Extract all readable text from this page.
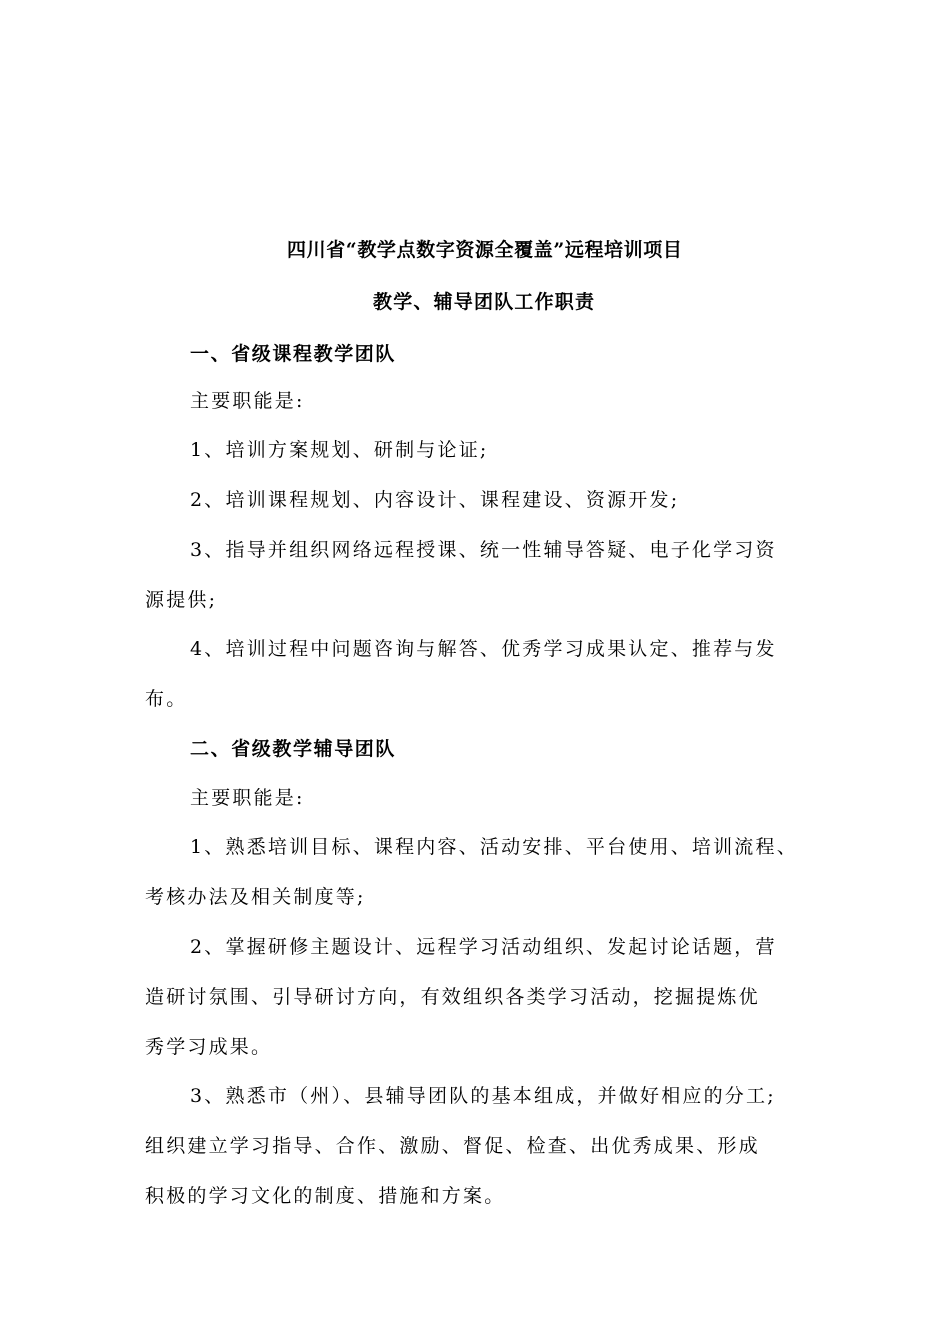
四川省“教学点数字资源全覆盖”远程培训项目
教学、辅导团队工作职责
一、省级课程教学团队
主要职能是:
1、培训方案规划、研制与论证;
2、培训课程规划、内容设计、课程建设、资源开发;
3、指导并组织网络远程授课、统一性辅导答疑、电子化学习资
源提供;
4、培训过程中问题咨询与解答、优秀学习成果认定、推荐与发
布。
二、省级教学辅导团队
主要职能是:
1、熟悉培训目标、课程内容、活动安排、平台使用、培训流程、
考核办法及相关制度等;
2、掌握研修主题设计、远程学习活动组织、发起讨论话题，营
造研讨氛围、引导研讨方向，有效组织各类学习活动，挖掘提炼优
秀学习成果。
3、熟悉市（州）、县辅导团队的基本组成，并做好相应的分工;
组织建立学习指导、合作、激励、督促、检查、出优秀成果、形成
积极的学习文化的制度、措施和方案。
